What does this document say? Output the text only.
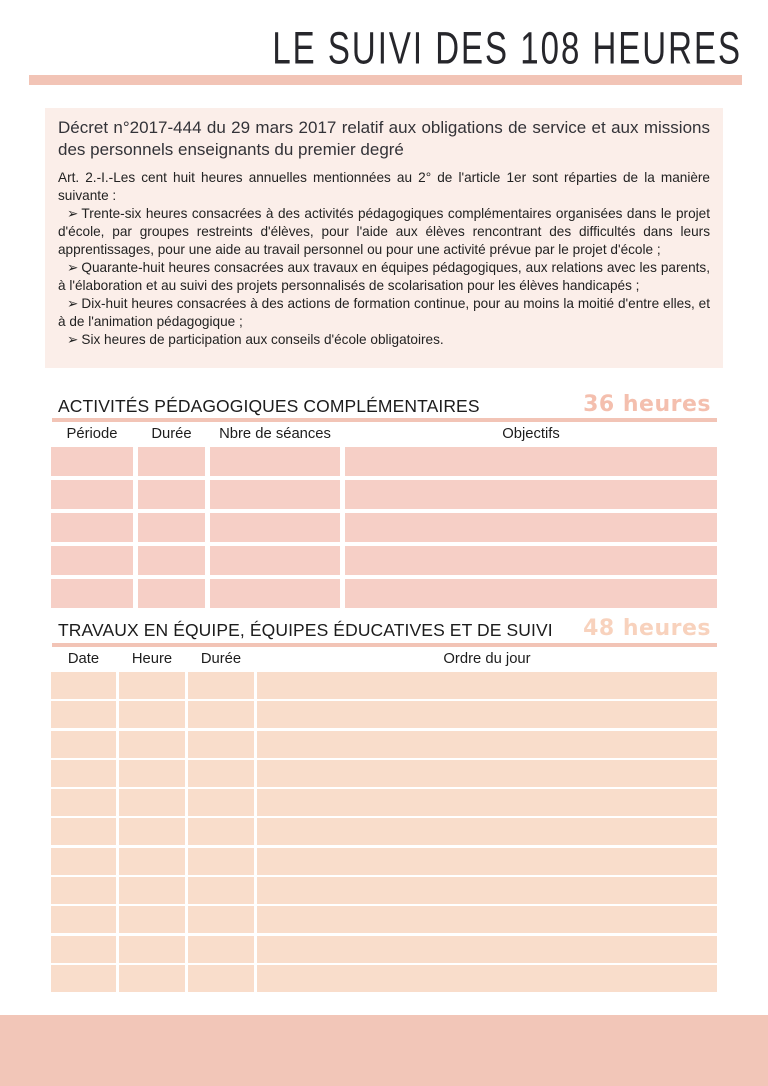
LE SUIVI DES 108 HEURES
Décret n°2017-444 du 29 mars 2017 relatif aux obligations de service et aux missions des personnels enseignants du premier degré

Art. 2.-I.-Les cent huit heures annuelles mentionnées au 2° de l'article 1er sont réparties de la manière suivante :

➢Trente-six heures consacrées à des activités pédagogiques complémentaires organisées dans le projet d'école, par groupes restreints d'élèves, pour l'aide aux élèves rencontrant des difficultés dans leurs apprentissages, pour une aide au travail personnel ou pour une activité prévue par le projet d'école ;

➢Quarante-huit heures consacrées aux travaux en équipes pédagogiques, aux relations avec les parents, à l'élaboration et au suivi des projets personnalisés de scolarisation pour les élèves handicapés ;

➢Dix-huit heures consacrées à des actions de formation continue, pour au moins la moitié d'entre elles, et à de l'animation pédagogique ;

➢Six heures de participation aux conseils d'école obligatoires.

ACTIVITÉS PÉDAGOGIQUES COMPLÉMENTAIRES	36 heures
Période	Durée	Nbre de séances	Objectifs
TRAVAUX EN ÉQUIPE, ÉQUIPES ÉDUCATIVES ET DE SUIVI 48 heures
Date	Heure	Durée	Ordre du jour
